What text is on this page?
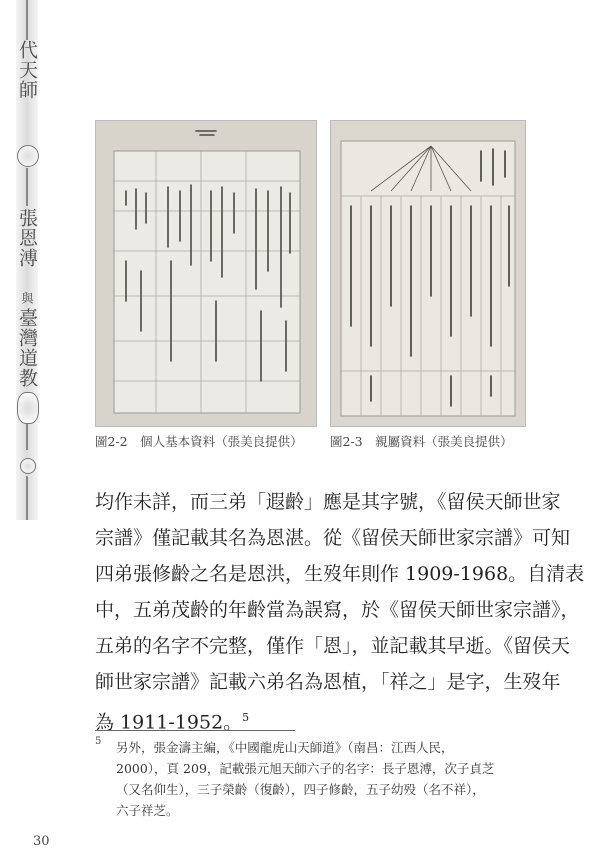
代天師
張恩溥
與
臺灣道教
圖2-2　個人基本資料（張美良提供） 圖2-3　親屬資料（張美良提供）

均作未詳，而三弟「遐齡」應是其字號，《留侯天師世家

宗譜》僅記載其名為恩湛。從《留侯天師世家宗譜》可知

四弟張修齡之名是恩洪，生歿年則作 1909-1968。自清表

中，五弟茂齡的年齡當為誤寫，於《留侯天師世家宗譜》，

五弟的名字不完整，僅作「恩」，並記載其早逝。《留侯天

師世家宗譜》記載六弟名為恩植，「祥之」是字，生歿年

為 1911-1952。$^5$

5 另外，張金濤主編，《中國龍虎山天師道》（南昌：江西人民，

2000），頁 209，記載張元旭天師六子的名字：長子恩溥，次子貞芝

（又名仰生），三子榮齡（復齡），四子修齡，五子幼殁（名不祥），

六子祥芝。

30
